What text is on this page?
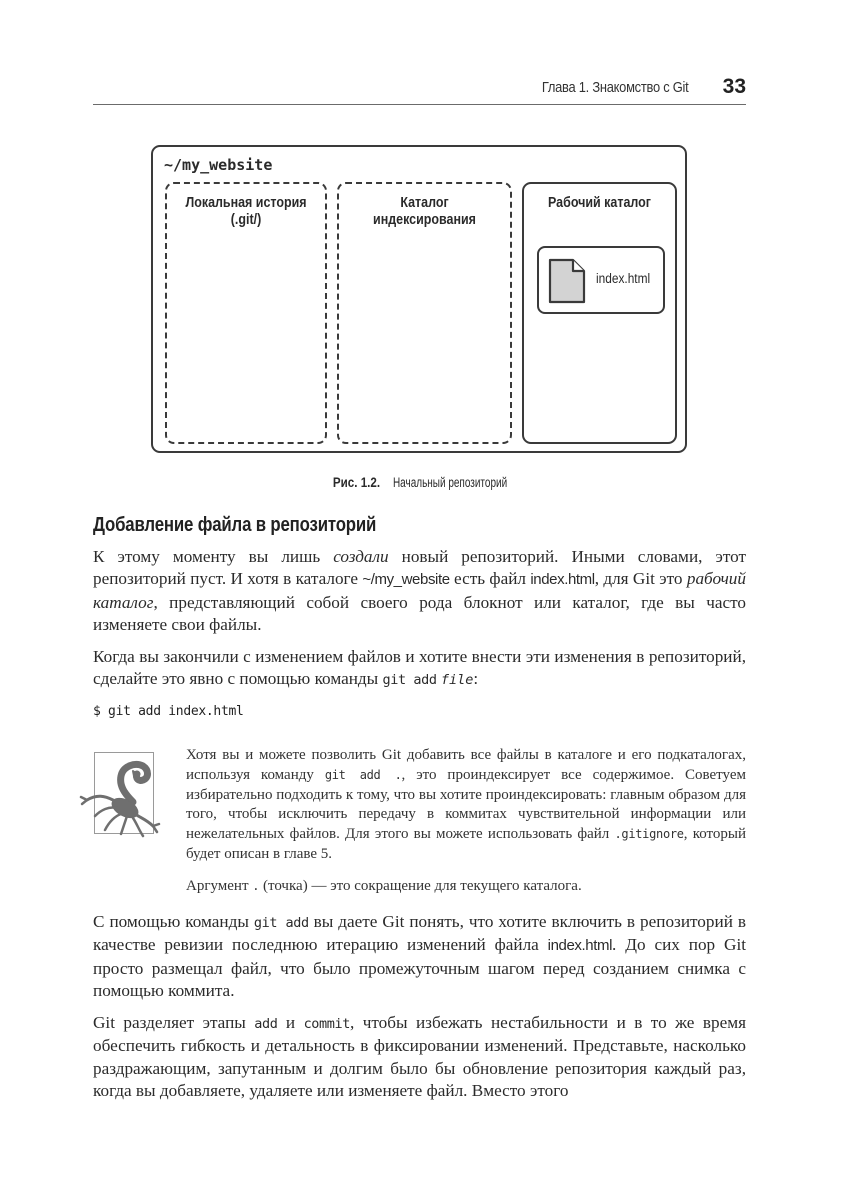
Глава 1. Знакомство с Git 33
~/my_website
Локальная история
(.git/)
Каталог индексирования
Рабочий каталог
index.html
Рис. 1.2. Начальный репозиторий
Добавление файла в репозиторий
К этому моменту вы лишь создали новый репозиторий. Иными словами, этот репозиторий пуст. И хотя в каталоге ~/my_website есть файл index.html, для Git это рабочий каталог, представляющий собой своего рода блокнот или каталог, где вы часто изменяете свои файлы.
Когда вы закончили с изменением файлов и хотите внести эти изменения в репозиторий, сделайте это явно с помощью команды git add file:
$ git add index.html
Хотя вы и можете позволить Git добавить все файлы в каталоге и его подкаталогах, используя команду git add ., это проиндексирует все содержимое. Советуем избирательно подходить к тому, что вы хотите проиндексировать: главным образом для того, чтобы исключить передачу в коммитах чувствительной информации или нежелательных файлов. Для этого вы можете использовать файл .gitignore, который будет описан в главе 5.
Аргумент . (точка) — это сокращение для текущего каталога.
С помощью команды git add вы даете Git понять, что хотите включить в репозиторий в качестве ревизии последнюю итерацию изменений файла index.html. До сих пор Git просто размещал файл, что было промежуточным шагом перед созданием снимка с помощью коммита.
Git разделяет этапы add и commit, чтобы избежать нестабильности и в то же время обеспечить гибкость и детальность в фиксировании изменений. Представьте, насколько раздражающим, запутанным и долгим было бы обновление репозитория каждый раз, когда вы добавляете, удаляете или изменяете файл. Вместо этого
